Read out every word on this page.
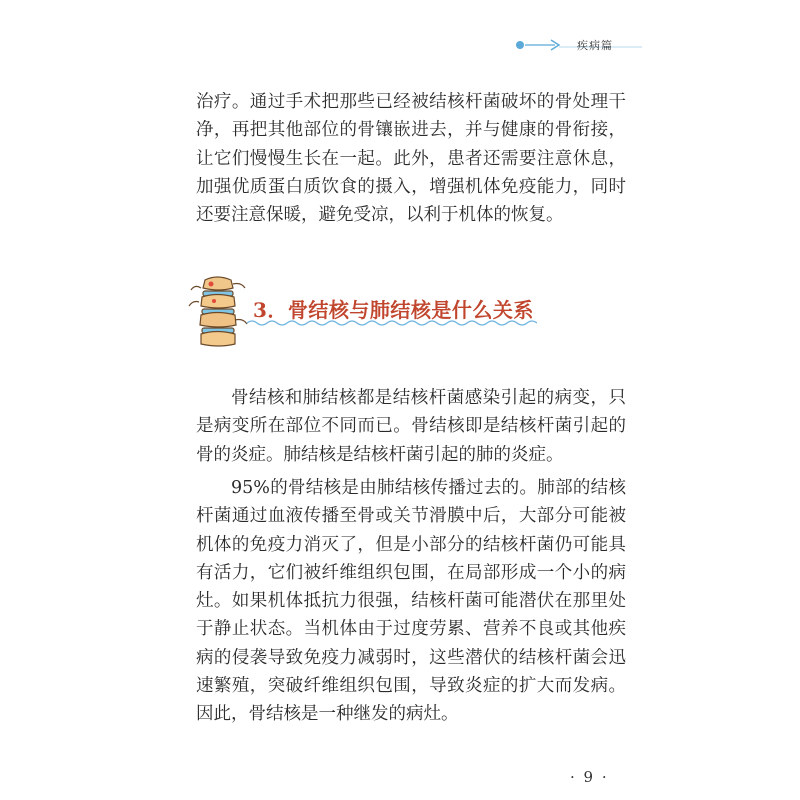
疾病篇

治疗。通过手术把那些已经被结核杆菌破坏的骨处理干净，再把其他部位的骨镶嵌进去，并与健康的骨衔接，让它们慢慢生长在一起。此外，患者还需要注意休息，加强优质蛋白质饮食的摄入，增强机体免疫能力，同时还要注意保暖，避免受凉，以利于机体的恢复。

3．骨结核与肺结核是什么关系

骨结核和肺结核都是结核杆菌感染引起的病变，只是病变所在部位不同而已。骨结核即是结核杆菌引起的骨的炎症。肺结核是结核杆菌引起的肺的炎症。

95%的骨结核是由肺结核传播过去的。肺部的结核杆菌通过血液传播至骨或关节滑膜中后，大部分可能被机体的免疫力消灭了，但是小部分的结核杆菌仍可能具有活力，它们被纤维组织包围，在局部形成一个小的病灶。如果机体抵抗力很强，结核杆菌可能潜伏在那里处于静止状态。当机体由于过度劳累、营养不良或其他疾病的侵袭导致免疫力减弱时，这些潜伏的结核杆菌会迅速繁殖，突破纤维组织包围，导致炎症的扩大而发病。因此，骨结核是一种继发的病灶。

· 9 ·
